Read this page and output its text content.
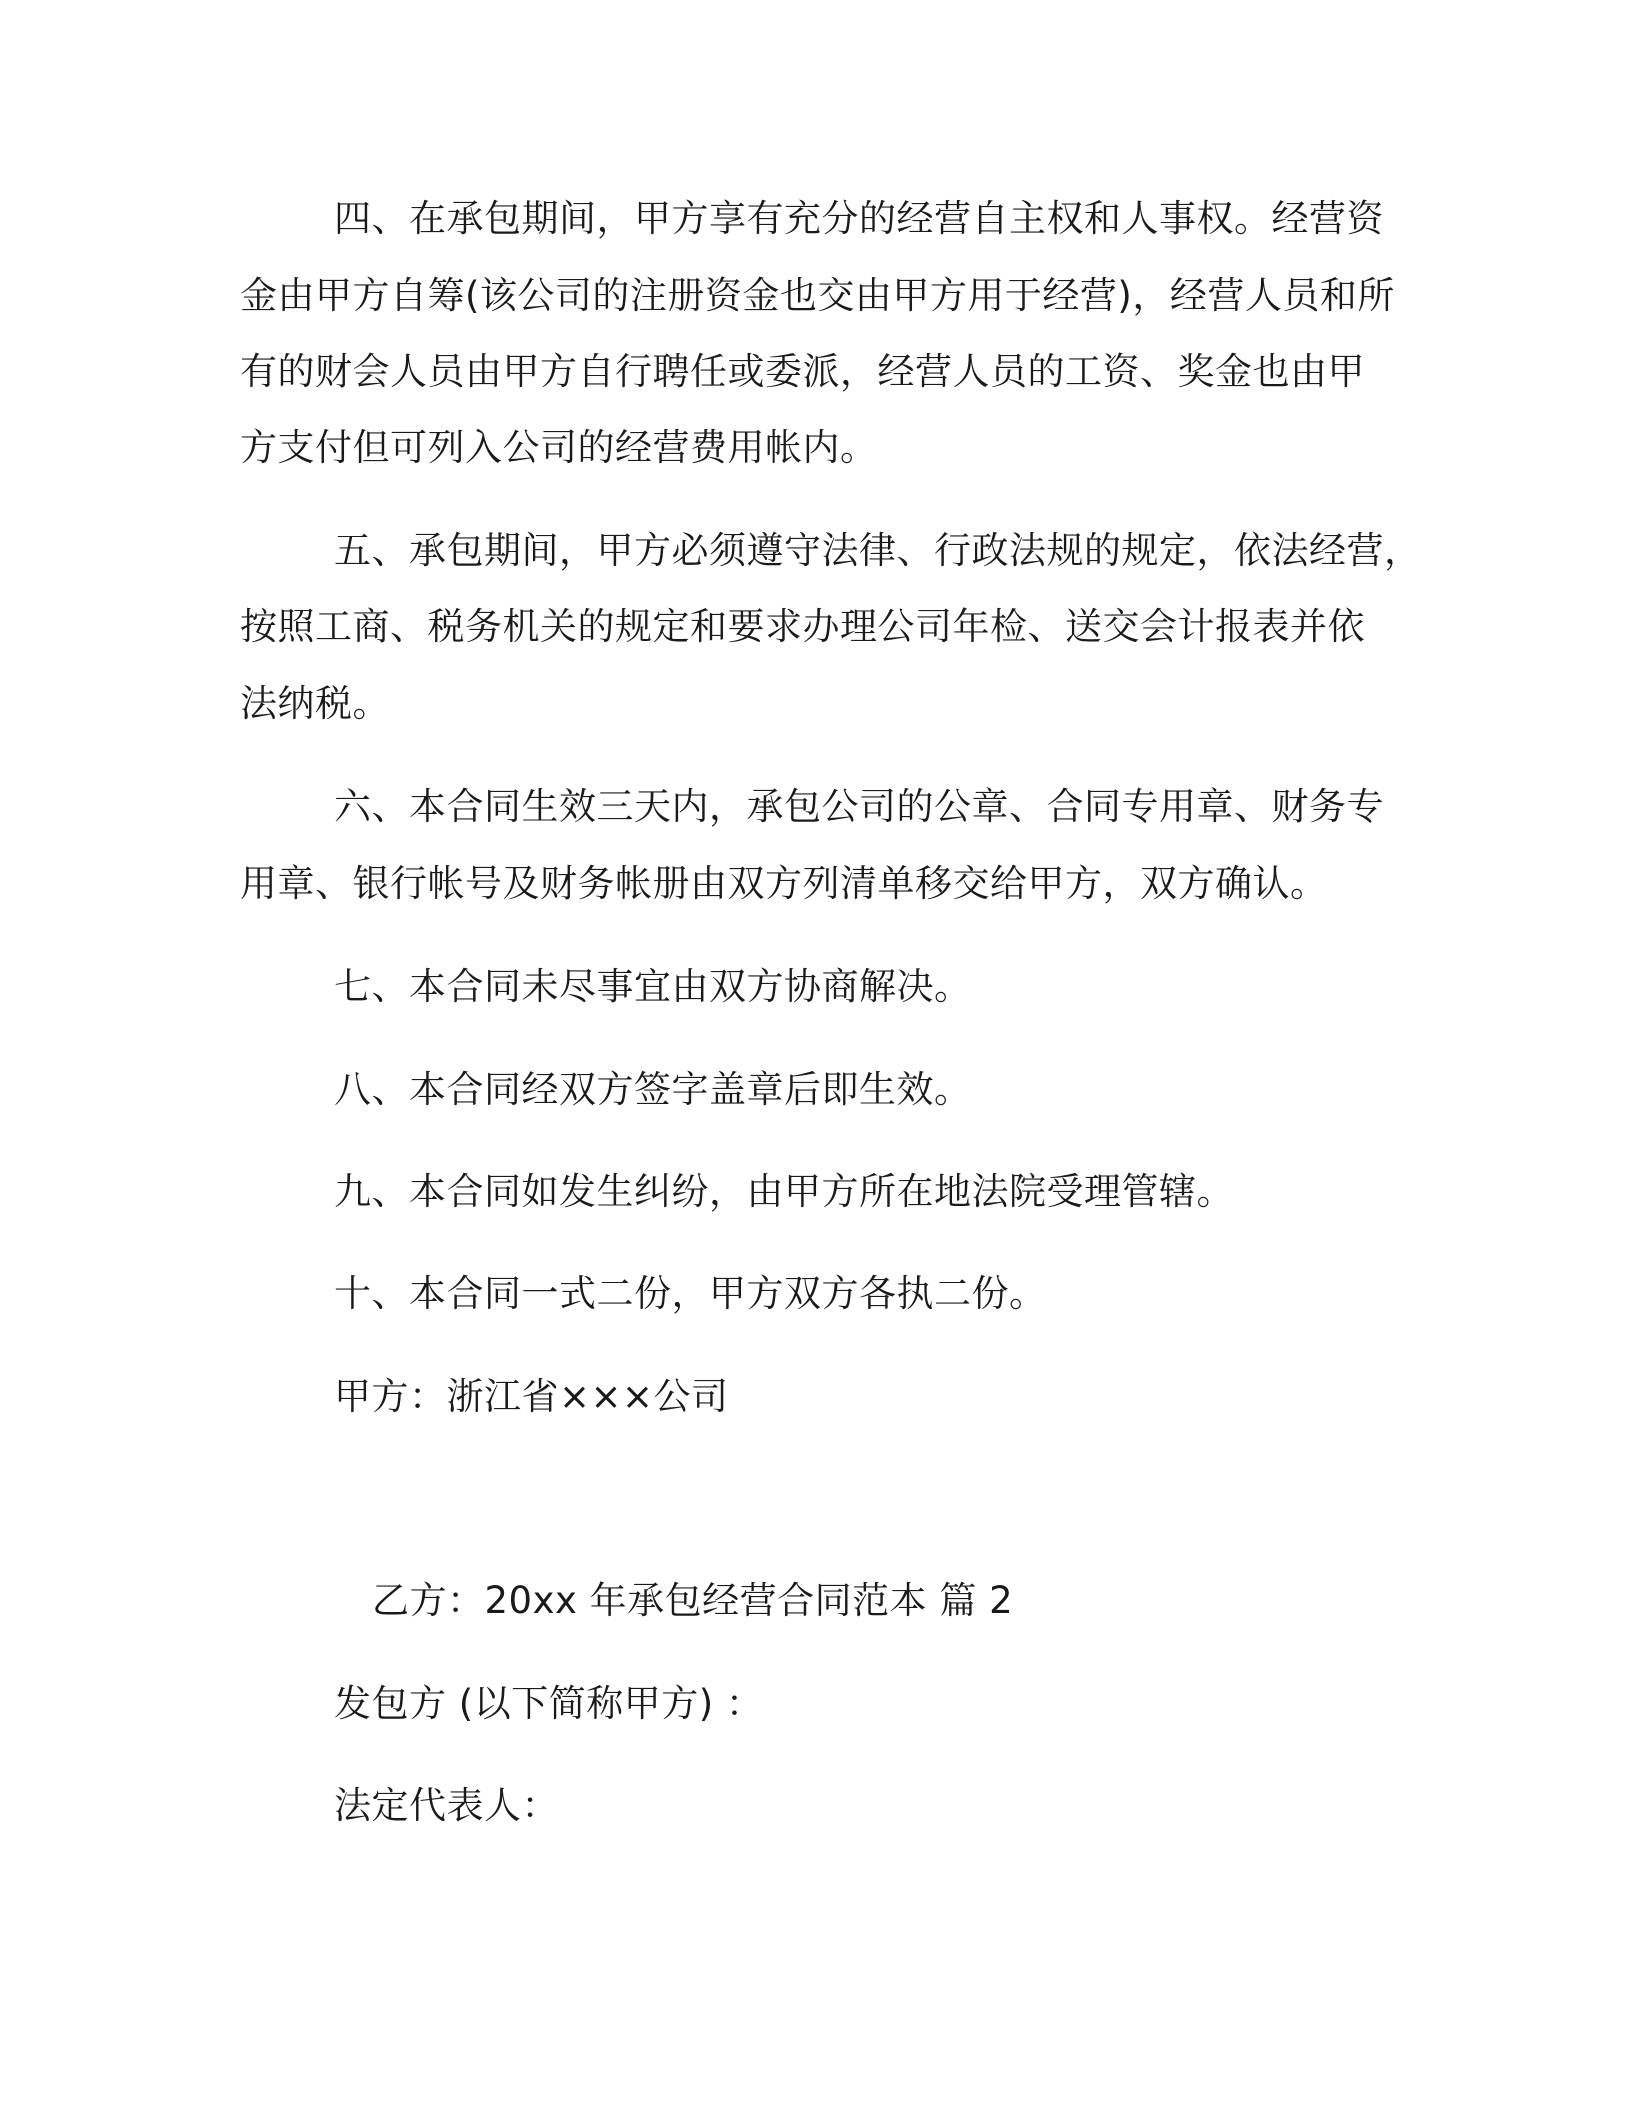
四、在承包期间，甲方享有充分的经营自主权和人事权。经营资
金由甲方自筹(该公司的注册资金也交由甲方用于经营)，经营人员和所
有的财会人员由甲方自行聘任或委派，经营人员的工资、奖金也由甲
方支付但可列入公司的经营费用帐内。
五、承包期间，甲方必须遵守法律、行政法规的规定，依法经营，
按照工商、税务机关的规定和要求办理公司年检、送交会计报表并依
法纳税。
六、本合同生效三天内，承包公司的公章、合同专用章、财务专
用章、银行帐号及财务帐册由双方列清单移交给甲方，双方确认。
七、本合同未尽事宜由双方协商解决。
八、本合同经双方签字盖章后即生效。
九、本合同如发生纠纷，由甲方所在地法院受理管辖。
十、本合同一式二份，甲方双方各执二份。
甲方：浙江省×××公司
乙方：20xx 年承包经营合同范本 篇 2
发包方 (以下简称甲方) ：
法定代表人：
